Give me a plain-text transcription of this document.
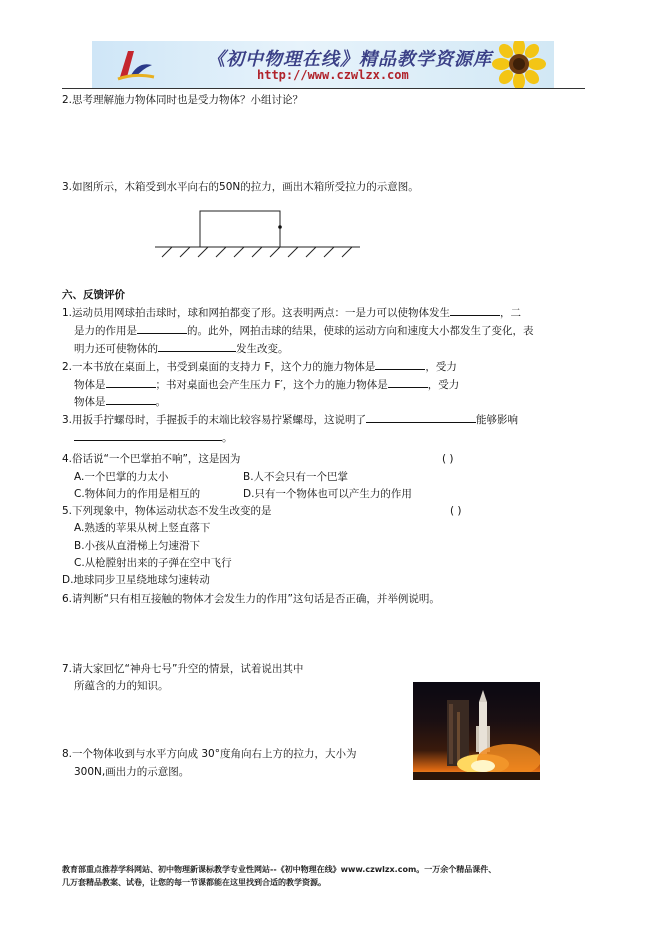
《初中物理在线》精品教学资源库
http://www.czwlzx.com
2.思考理解施力物体同时也是受力物体？小组讨论？
3.如图所示，木箱受到水平向右的50N的拉力，画出木箱所受拉力的示意图。
六、反馈评价
1.运动员用网球拍击球时，球和网拍都变了形。这表明两点：一是力可以使物体发生	，二
是力的作用是	的。此外，网拍击球的结果，使球的运动方向和速度大小都发生了变化，表
明力还可使物体的	发生改变。
2.一本书放在桌面上，书受到桌面的支持力 F，这个力的施力物体是	，受力
物体是	；书对桌面也会产生压力 F′，这个力的施力物体是	，受力
物体是	。
3.用扳手拧螺母时，手握扳手的末端比较容易拧紧螺母，这说明了	能够影响
。
4.俗话说“一个巴掌拍不响”，这是因为	( )
A.一个巴掌的力太小	B.人不会只有一个巴掌
C.物体间力的作用是相互的	D.只有一个物体也可以产生力的作用
5.下列现象中，物体运动状态不发生改变的是	( )
A.熟透的苹果从树上竖直落下
B.小孩从直滑梯上匀速滑下
C.从枪膛射出来的子弹在空中飞行
D.地球同步卫星绕地球匀速转动
6.请判断“只有相互接触的物体才会发生力的作用”这句话是否正确，并举例说明。
7.请大家回忆“神舟七号”升空的情景，试着说出其中
所蕴含的力的知识。
8.一个物体收到与水平方向成 30°度角向右上方的拉力，大小为
300N,画出力的示意图。
教育部重点推荐学科网站、初中物理新课标教学专业性网站--《初中物理在线》www.czwlzx.com。一万余个精品课件、
几万套精品教案、试卷，让您的每一节课都能在这里找到合适的教学资源。
